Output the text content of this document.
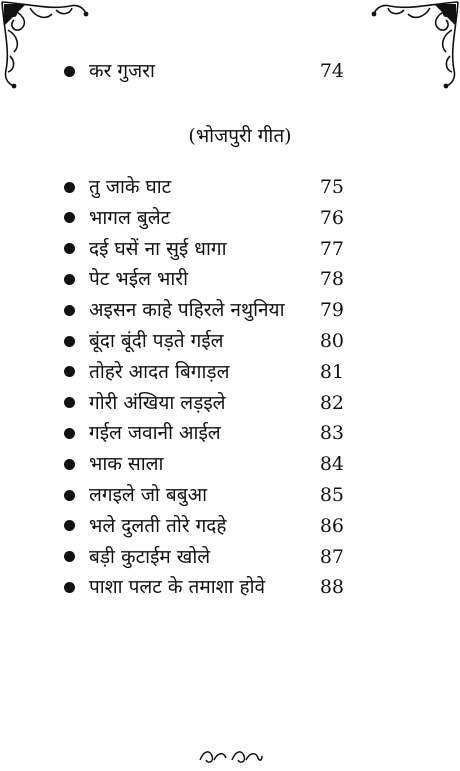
कर गुजरा	74
(भोजपुरी गीत)
तु जाके घाट	75
भागल बुलेट	76
दई घसें ना सुई धागा	77
पेट भईल भारी	78
अइसन काहे पहिरले नथुनिया	79
बूंदा बूंदी पड़ते गईल	80
तोहरे आदत बिगाड़ल	81
गोरी अंखिया लड़इले	82
गईल जवानी आईल	83
भाक साला	84
लगइले जो बबुआ	85
भले दुलती तोरे गदहे	86
बड़ी कुटाईम खोले	87
पाशा पलट के तमाशा होवे	88
